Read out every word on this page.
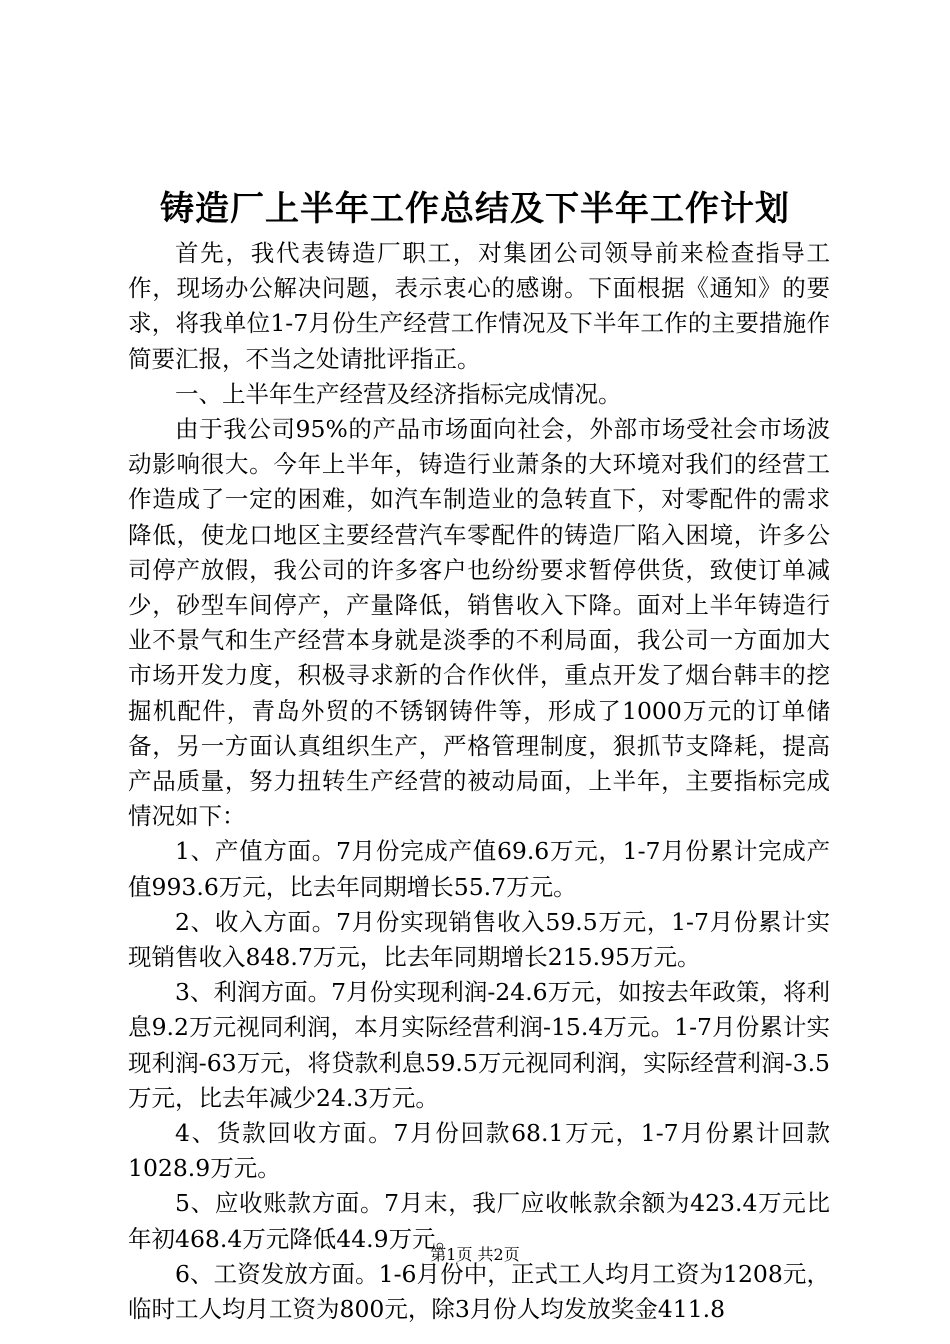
铸造厂上半年工作总结及下半年工作计划

首先，我代表铸造厂职工，对集团公司领导前来检查指导工作，现场办公解决问题，表示衷心的感谢。下面根据《通知》的要求，将我单位1-7月份生产经营工作情况及下半年工作的主要措施作简要汇报，不当之处请批评指正。

一、上半年生产经营及经济指标完成情况。

由于我公司95%的产品市场面向社会，外部市场受社会市场波动影响很大。今年上半年，铸造行业萧条的大环境对我们的经营工作造成了一定的困难，如汽车制造业的急转直下，对零配件的需求降低，使龙口地区主要经营汽车零配件的铸造厂陷入困境，许多公司停产放假，我公司的许多客户也纷纷要求暂停供货，致使订单减少，砂型车间停产，产量降低，销售收入下降。面对上半年铸造行业不景气和生产经营本身就是淡季的不利局面，我公司一方面加大市场开发力度，积极寻求新的合作伙伴，重点开发了烟台韩丰的挖掘机配件，青岛外贸的不锈钢铸件等，形成了1000万元的订单储备，另一方面认真组织生产，严格管理制度，狠抓节支降耗，提高产品质量，努力扭转生产经营的被动局面，上半年，主要指标完成情况如下：

1、产值方面。7月份完成产值69.6万元，1-7月份累计完成产值993.6万元，比去年同期增长55.7万元。

2、收入方面。7月份实现销售收入59.5万元，1-7月份累计实现销售收入848.7万元，比去年同期增长215.95万元。

3、利润方面。7月份实现利润-24.6万元，如按去年政策，将利息9.2万元视同利润，本月实际经营利润-15.4万元。1-7月份累计实现利润-63万元，将贷款利息59.5万元视同利润，实际经营利润-3.5万元，比去年减少24.3万元。

4、货款回收方面。7月份回款68.1万元，1-7月份累计回款1028.9万元。

5、应收账款方面。7月末，我厂应收帐款余额为423.4万元比年初468.4万元降低44.9万元。

6、工资发放方面。1-6月份中，正式工人均月工资为1208元，临时工人均月工资为800元，除3月份人均发放奖金411.8

第1页 共2页
